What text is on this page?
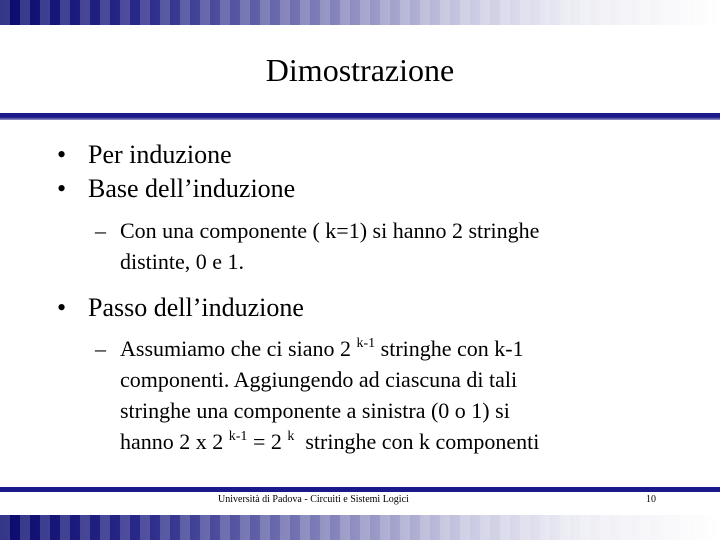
Dimostrazione
• Per induzione
• Base dell’induzione
– Con una componente ( k=1) si hanno 2 stringhe
distinte, 0 e 1.
• Passo dell’induzione
– Assumiamo che ci siano 2 $^{k-1}$ stringhe con k-1
componenti. Aggiungendo ad ciascuna di tali
stringhe una componente a sinistra (0 o 1) si
hanno 2 x 2 $^{k-1}$ = 2 $^k$  stringhe con k componenti
Università di Padova - Circuiti e Sistemi Logici	10
